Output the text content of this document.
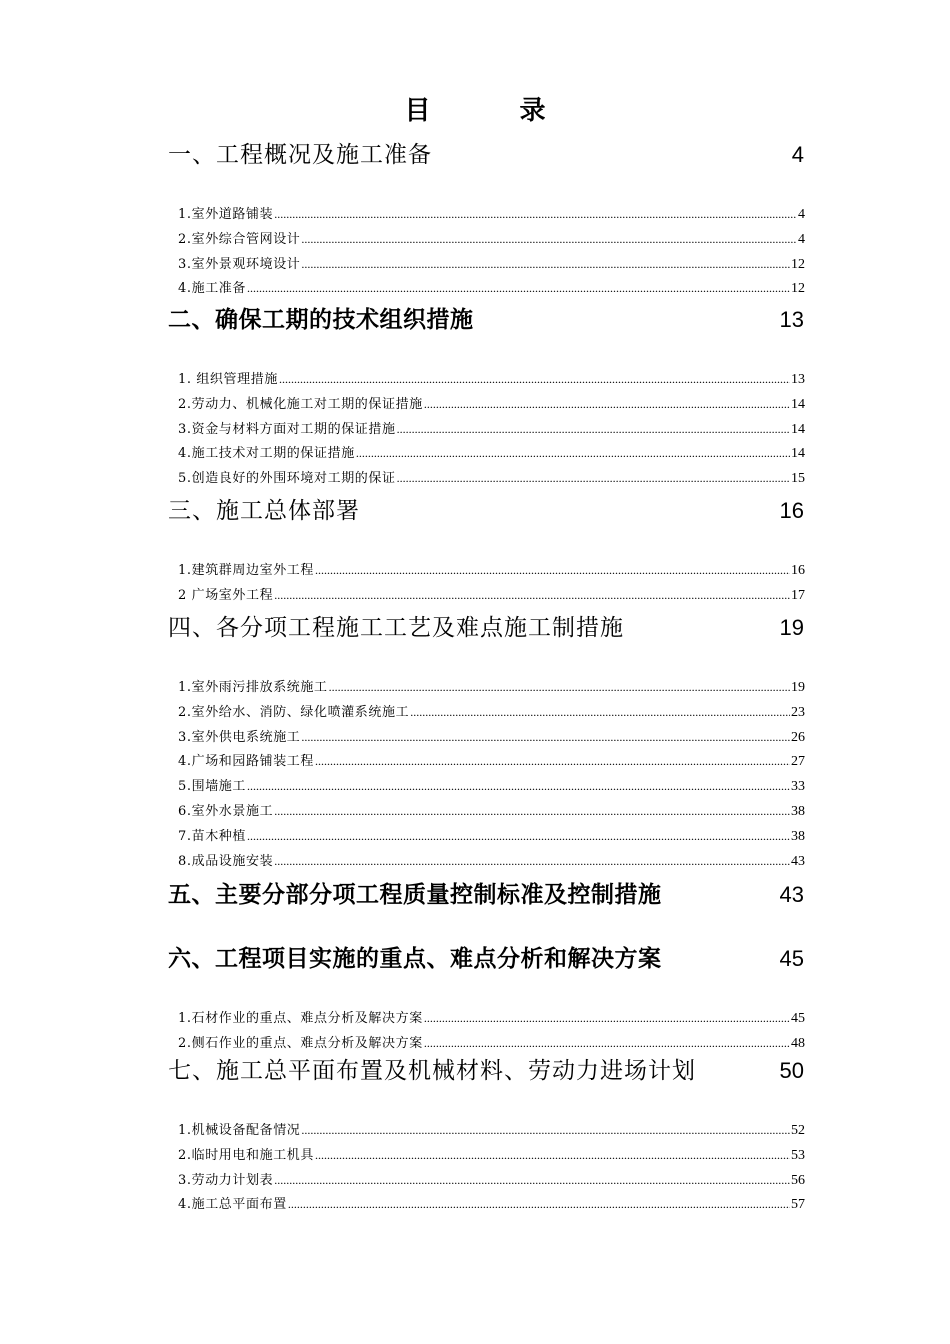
目 录
一、工程概况及施工准备	4
1.室外道路铺装 .....	4
2.室外综合管网设计 .....	4
3.室外景观环境设计 .....	12
4.施工准备 .....	12
二、确保工期的技术组织措施	13
1. 组织管理措施 .....	13
2.劳动力、机械化施工对工期的保证措施 .....	14
3.资金与材料方面对工期的保证措施 .....	14
4.施工技术对工期的保证措施 .....	14
5.创造良好的外围环境对工期的保证 .....	15
三、施工总体部署	16
1.建筑群周边室外工程 .....	16
2 广场室外工程 .....	17
四、各分项工程施工工艺及难点施工制措施	19
1.室外雨污排放系统施工 .....	19
2.室外给水、消防、绿化喷灌系统施工 .....	23
3.室外供电系统施工 .....	26
4.广场和园路铺装工程 .....	27
5.围墙施工 .....	33
6.室外水景施工 .....	38
7.苗木种植 .....	38
8.成品设施安装 .....	43
五、主要分部分项工程质量控制标准及控制措施	43
六、工程项目实施的重点、难点分析和解决方案	45
1.石材作业的重点、难点分析及解决方案 .....	45
2.侧石作业的重点、难点分析及解决方案 .....	48
七、施工总平面布置及机械材料、劳动力进场计划	50
1.机械设备配备情况 .....	52
2.临时用电和施工机具 .....	53
3.劳动力计划表 .....	56
4.施工总平面布置 .....	57
